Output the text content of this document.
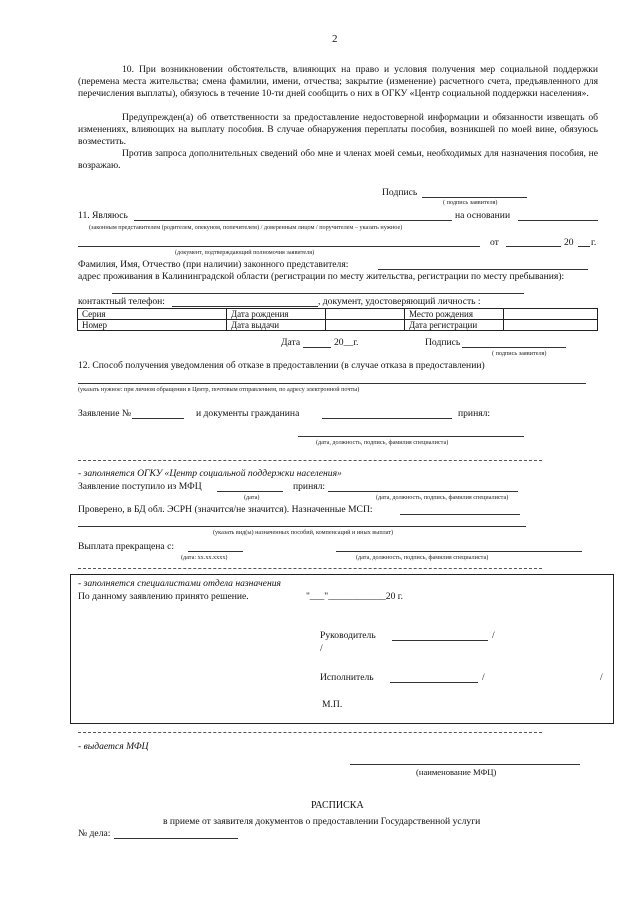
2
10. При возникновении обстоятельств, влияющих на право и условия получения мер социальной поддержки (перемена места жительства; смена фамилии, имени, отчества; закрытие (изменение) расчетного счета, предъявленного для перечисления выплаты), обязуюсь в течение 10-ти дней сообщить о них в ОГКУ «Центр социальной поддержки населения».
Предупрежден(а) об ответственности за предоставление недостоверной информации и обязанности извещать об изменениях, влияющих на выплату пособия. В случае обнаружения переплаты пособия, возникшей по моей вине, обязуюсь возместить.
Против запроса дополнительных сведений обо мне и членах моей семьи, необходимых для назначения пособия, не возражаю.
Подпись
( подпись заявителя)
11. Являюсь	на основании
(законным представителем (родителем, опекуном, попечителем) / доверенным лицом / поручителем – указать нужное)
от	20 г.
(документ, подтверждающий полномочия заявителя)
Фамилия, Имя, Отчество (при наличии) законного представителя:
адрес проживания в Калининградской области (регистрации по месту жительства, регистрации по месту пребывания):
контактный телефон:	, документ, удостоверяющий личность :
Серия	Дата рождения		Место рождения	
Номер	Дата выдачи		Дата регистрации	
Дата	20__г.	Подпись
( подпись заявителя)
12. Способ получения уведомления об отказе в предоставлении (в случае отказа в предоставлении)
(указать нужное: при личном обращении в Центр, почтовым отправлением, по адресу электронной почты)
Заявление №	и документы гражданина	принял:
(дата, должность, подпись, фамилия специалиста)
- заполняется ОГКУ «Центр социальной поддержки населения»
Заявление поступило из МФЦ	принял:
(дата)	(дата, должность, подпись, фамилия специалиста)
Проверено, в БД обл. ЭСРН (значится/не значится). Назначенные МСП:
(указать вид(ы) назначенных пособий, компенсаций и иных выплат)
Выплата прекращена с:
(дата: хх.хх.хххх)	(дата, должность, подпись, фамилия специалиста)
- заполняется специалистами отдела назначения
По данному заявлению принято решение.	"___"____________20 г.
Руководитель	/
/
Исполнитель	/	/
М.П.
- выдается МФЦ
(наименование МФЦ)
РАСПИСКА
в приеме от заявителя документов о предоставлении Государственной услуги
№ дела:
